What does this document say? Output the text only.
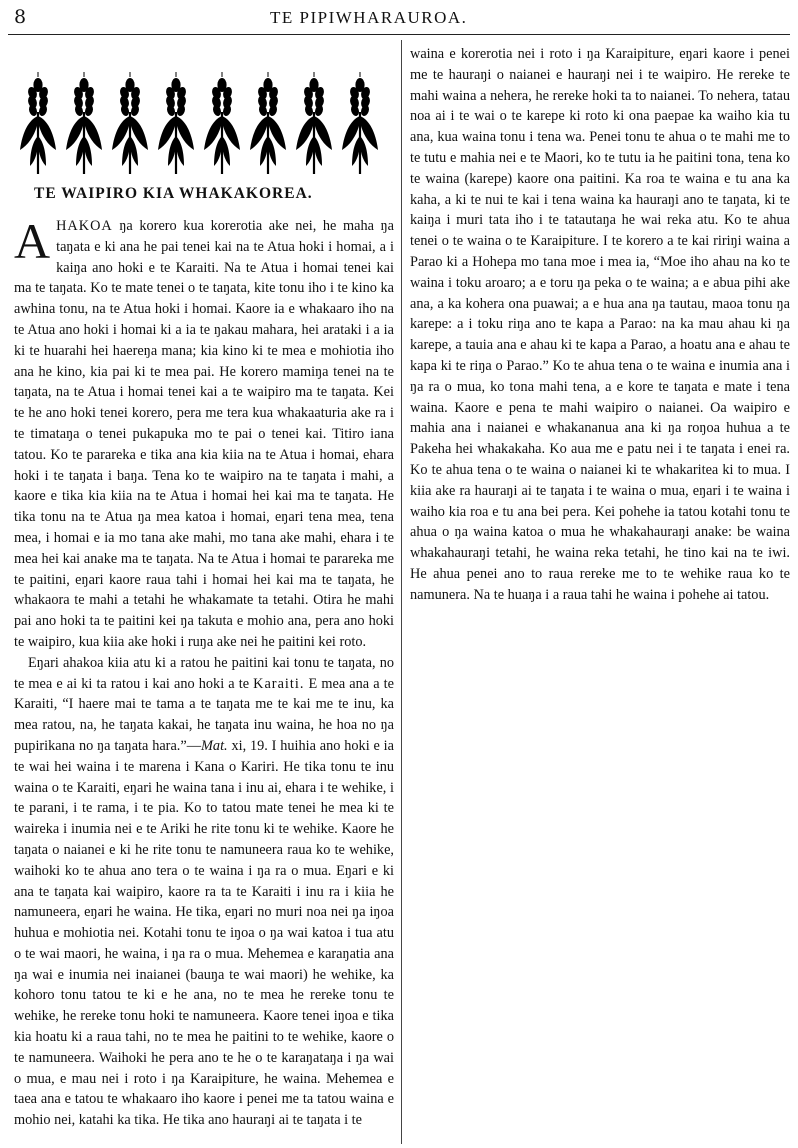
8	TE PIPIWHARAUROA.
TE WAIPIRO KIA WHAKAKOREA.

AHAKOA ŋa korero kua korerotia ake nei, he maha ŋa taŋata e ki ana he pai tenei kai na te Atua hoki i homai, a i kaiŋa ano hoki e te Karaiti. Na te Atua i homai tenei kai ma te taŋata. Ko te mate tenei o te taŋata, kite tonu iho i te kino ka awhina tonu, na te Atua hoki i homai. Kaore ia e whakaaro iho na te Atua ano hoki i homai ki a ia te ŋakau mahara, hei arataki i a ia ki te huarahi hei haereŋa mana; kia kino ki te mea e mohiotia iho ana he kino, kia pai ki te mea pai. He korero mamiŋa tenei na te taŋata, na te Atua i homai tenei kai a te waipiro ma te taŋata. Kei te he ano hoki tenei korero, pera me tera kua whakaaturia ake ra i te timataŋa o tenei pukapuka mo te pai o tenei kai. Titiro iana tatou. Ko te parareka e tika ana kia kiia na te Atua i homai, ehara hoki i te taŋata i baŋa. Tena ko te waipiro na te taŋata i mahi, a kaore e tika kia kiia na te Atua i homai hei kai ma te taŋata. He tika tonu na te Atua ŋa mea katoa i homai, eŋari tena mea, tena mea, i homai e ia mo tana ake mahi, mo tana ake mahi, ehara i te mea hei kai anake ma te taŋata. Na te Atua i homai te parareka me te paitini, eŋari kaore raua tahi i homai hei kai ma te taŋata, he whakaora te mahi a tetahi he whakamate ta tetahi. Otira he mahi pai ano hoki ta te paitini kei ŋa takuta e mohio ana, pera ano hoki te waipiro, kua kiia ake hoki i ruŋa ake nei he paitini kei roto.

Eŋari ahakoa kiia atu ki a ratou he paitini kai tonu te taŋata, no te mea e ai ki ta ratou i kai ano hoki a te Karaiti. E mea ana a te Karaiti, “I haere mai te tama a te taŋata me te kai me te inu, ka mea ratou, na, he taŋata kakai, he taŋata inu waina, he hoa no ŋa pupirikana no ŋa taŋata hara.”—Mat. xi, 19. I huihia ano hoki e ia te wai hei waina i te marena i Kana o Kariri. He tika tonu te inu waina o te Karaiti, eŋari he waina tana i inu ai, ehara i te wehike, i te parani, i te rama, i te pia. Ko to tatou mate tenei he mea ki te waireka i inumia nei e te Ariki he rite tonu ki te wehike. Kaore he taŋata o naianei e ki he rite tonu te namuneera raua ko te wehike, waihoki ko te ahua ano tera o te waina i ŋa ra o mua. Eŋari e ki ana te taŋata kai waipiro, kaore ra ta te Karaiti i inu ra i kiia he namuneera, eŋari he waina. He tika, eŋari no muri noa nei ŋa iŋoa huhua e mohiotia nei. Kotahi tonu te iŋoa o ŋa wai katoa i tua atu o te wai maori, he waina, i ŋa ra o mua. Mehemea e karaŋatia ana ŋa wai e inumia nei inaianei (bauŋa te wai maori) he wehike, ka kohoro tonu tatou te ki e he ana, no te mea he rereke tonu te wehike, he rereke tonu hoki te namuneera. Kaore tenei iŋoa e tika kia hoatu ki a raua tahi, no te mea he paitini to te wehike, kaore o te namuneera. Waihoki he pera ano te he o te karaŋataŋa i ŋa wai o mua, e mau nei i roto i ŋa Karaipiture, he waina. Mehemea e taea ana e tatou te whakaaro iho kaore i penei me ta tatou waina e mohio nei, katahi ka tika. He tika ano hauraŋi ai te taŋata i te

waina e korerotia nei i roto i ŋa Karaipiture, eŋari kaore i penei me te hauraŋi o naianei e hauraŋi nei i te waipiro. He rereke te mahi waina a nehera, he rereke hoki ta to naianei. To nehera, tatau noa ai i te wai o te karepe ki roto ki ona paepae ka waiho kia tu ana, kua waina tonu i tena wa. Penei tonu te ahua o te mahi me to te tutu e mahia nei e te Maori, ko te tutu ia he paitini tona, tena ko te waina (karepe) kaore ona paitini. Ka roa te waina e tu ana ka kaha, a ki te nui te kai i tena waina ka hauraŋi ano te taŋata, ki te kaiŋa i muri tata iho i te tatautaŋa he wai reka atu. Ko te ahua tenei o te waina o te Karaipiture. I te korero a te kai ririŋi waina a Parao ki a Hohepa mo tana moe i mea ia, “Moe iho ahau na ko te waina i toku aroaro; a e toru ŋa peka o te waina; a e abua pihi ake ana, a ka kohera ona puawai; a e hua ana ŋa tautau, maoa tonu ŋa karepe: a i toku riŋa ano te kapa a Parao: na ka mau ahau ki ŋa karepe, a tauia ana e ahau ki te kapa a Parao, a hoatu ana e ahau te kapa ki te riŋa o Parao.” Ko te ahua tena o te waina e inumia ana i ŋa ra o mua, ko tona mahi tena, a e kore te taŋata e mate i tena waina. Kaore e pena te mahi waipiro o naianei. Oa waipiro e mahia ana i naianei e whakananua ana ki ŋa roŋoa huhua a te Pakeha hei whakakaha. Ko aua me e patu nei i te taŋata i enei ra. Ko te ahua tena o te waina o naianei ki te whakaritea ki to mua. I kiia ake ra hauraŋi ai te taŋata i te waina o mua, eŋari i te waina i waiho kia roa e tu ana bei pera. Kei pohehe ia tatou kotahi tonu te ahua o ŋa waina katoa o mua he whakahauraŋi anake: be waina whakahauraŋi tetahi, he waina reka tetahi, he tino kai na te iwi. He ahua penei ano to raua rereke me to te wehike raua ko te namunera. Na te huaŋa i a raua tahi he waina i pohehe ai tatou.
